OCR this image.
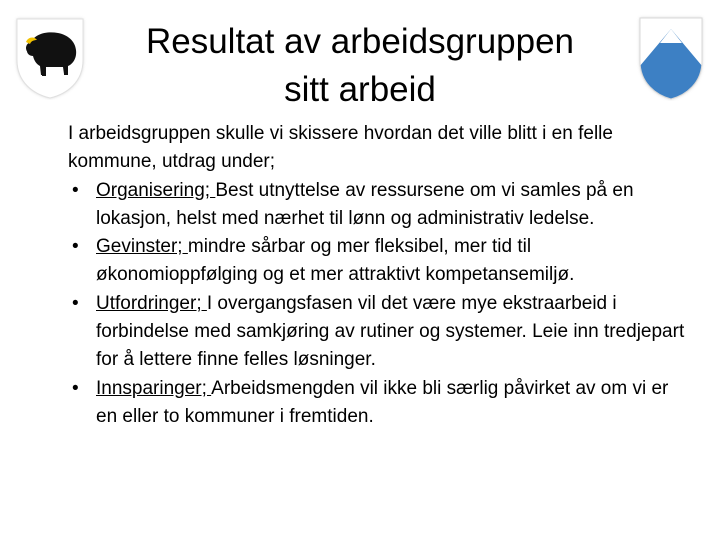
Resultat av arbeidsgruppen
sitt arbeid

I arbeidsgruppen skulle vi skissere hvordan det ville blitt i en felle kommune, utdrag under;

• Organisering; Best utnyttelse av ressursene om vi samles på en lokasjon, helst med nærhet til lønn og administrativ ledelse.
• Gevinster; mindre sårbar og mer fleksibel, mer tid til økonomioppfølging og et mer attraktivt kompetansemiljø.
• Utfordringer; I overgangsfasen vil det være mye ekstraarbeid i forbindelse med samkjøring av rutiner og systemer. Leie inn tredjepart for å lettere finne felles løsninger.
• Innsparinger; Arbeidsmengden vil ikke bli særlig påvirket av om vi er en eller to kommuner i fremtiden.
